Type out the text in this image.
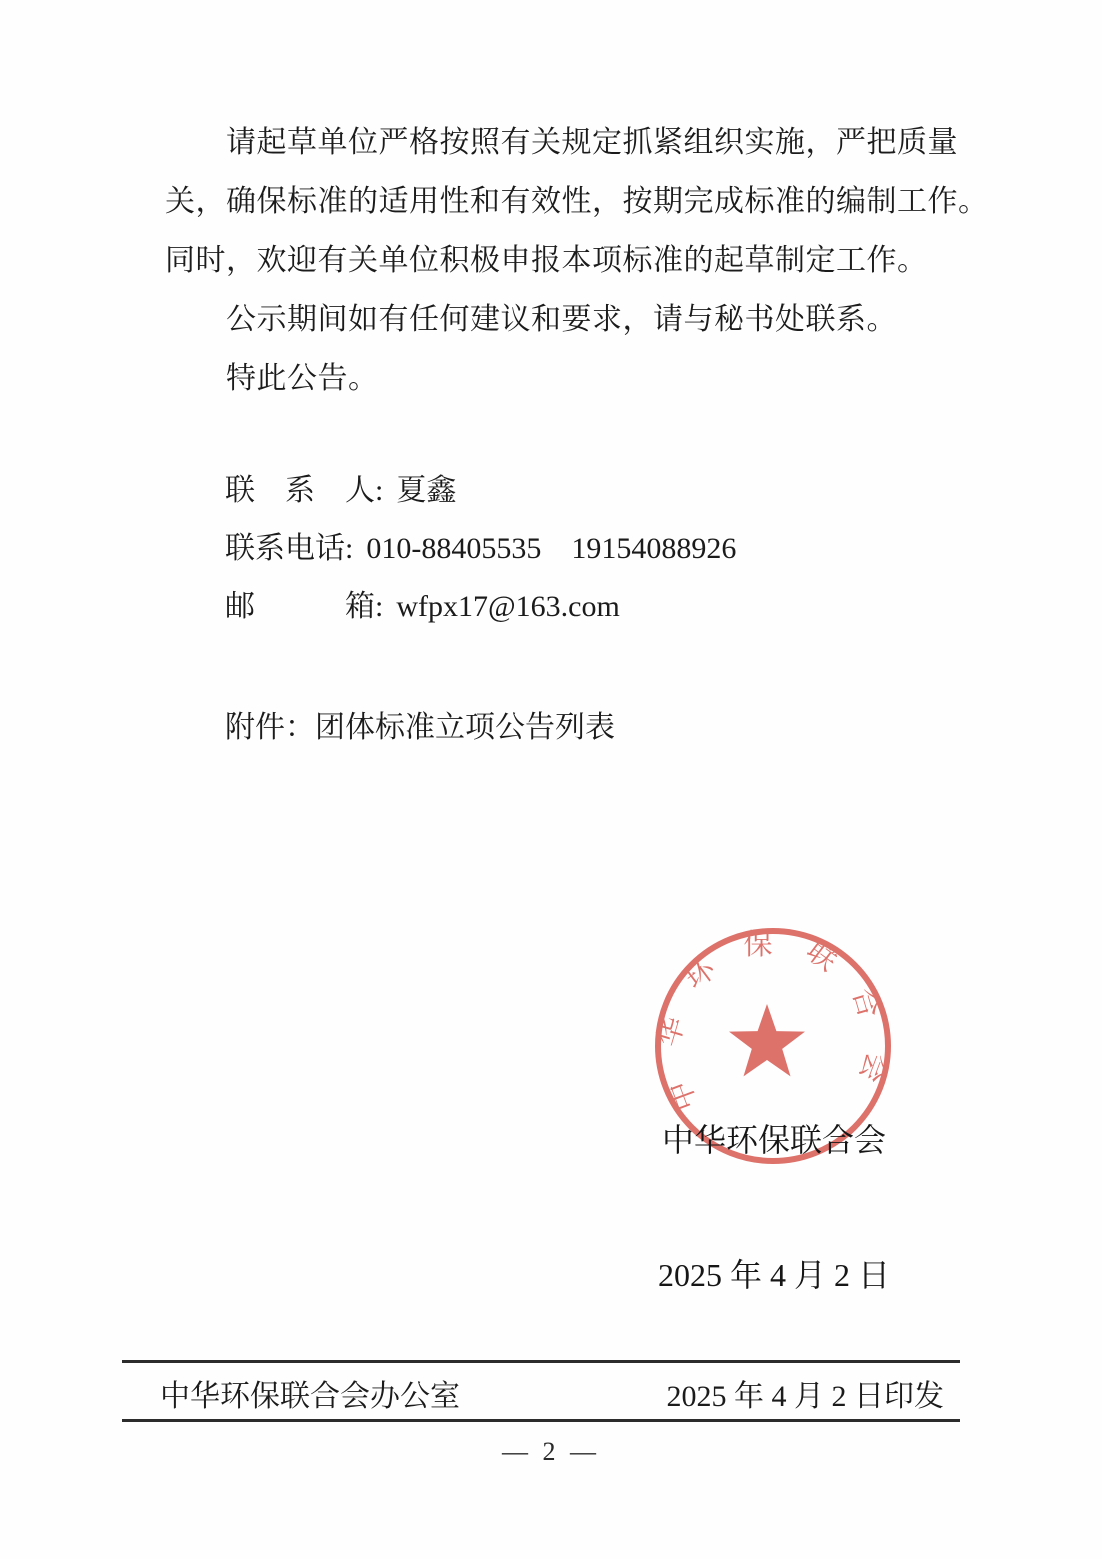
请起草单位严格按照有关规定抓紧组织实施，严把质量
关，确保标准的适用性和有效性，按期完成标准的编制工作。
同时，欢迎有关单位积极申报本项标准的起草制定工作。
公示期间如有任何建议和要求，请与秘书处联系。
特此公告。
联　系　人: 夏鑫
联系电话: 010-88405535　19154088926
邮　　　箱: wfpx17@163.com
附件：团体标准立项公告列表
中华环保联合会

中华环保联合会

2025 年 4 月 2 日

中华环保联合会办公室	2025 年 4 月 2 日印发
— 2 —
